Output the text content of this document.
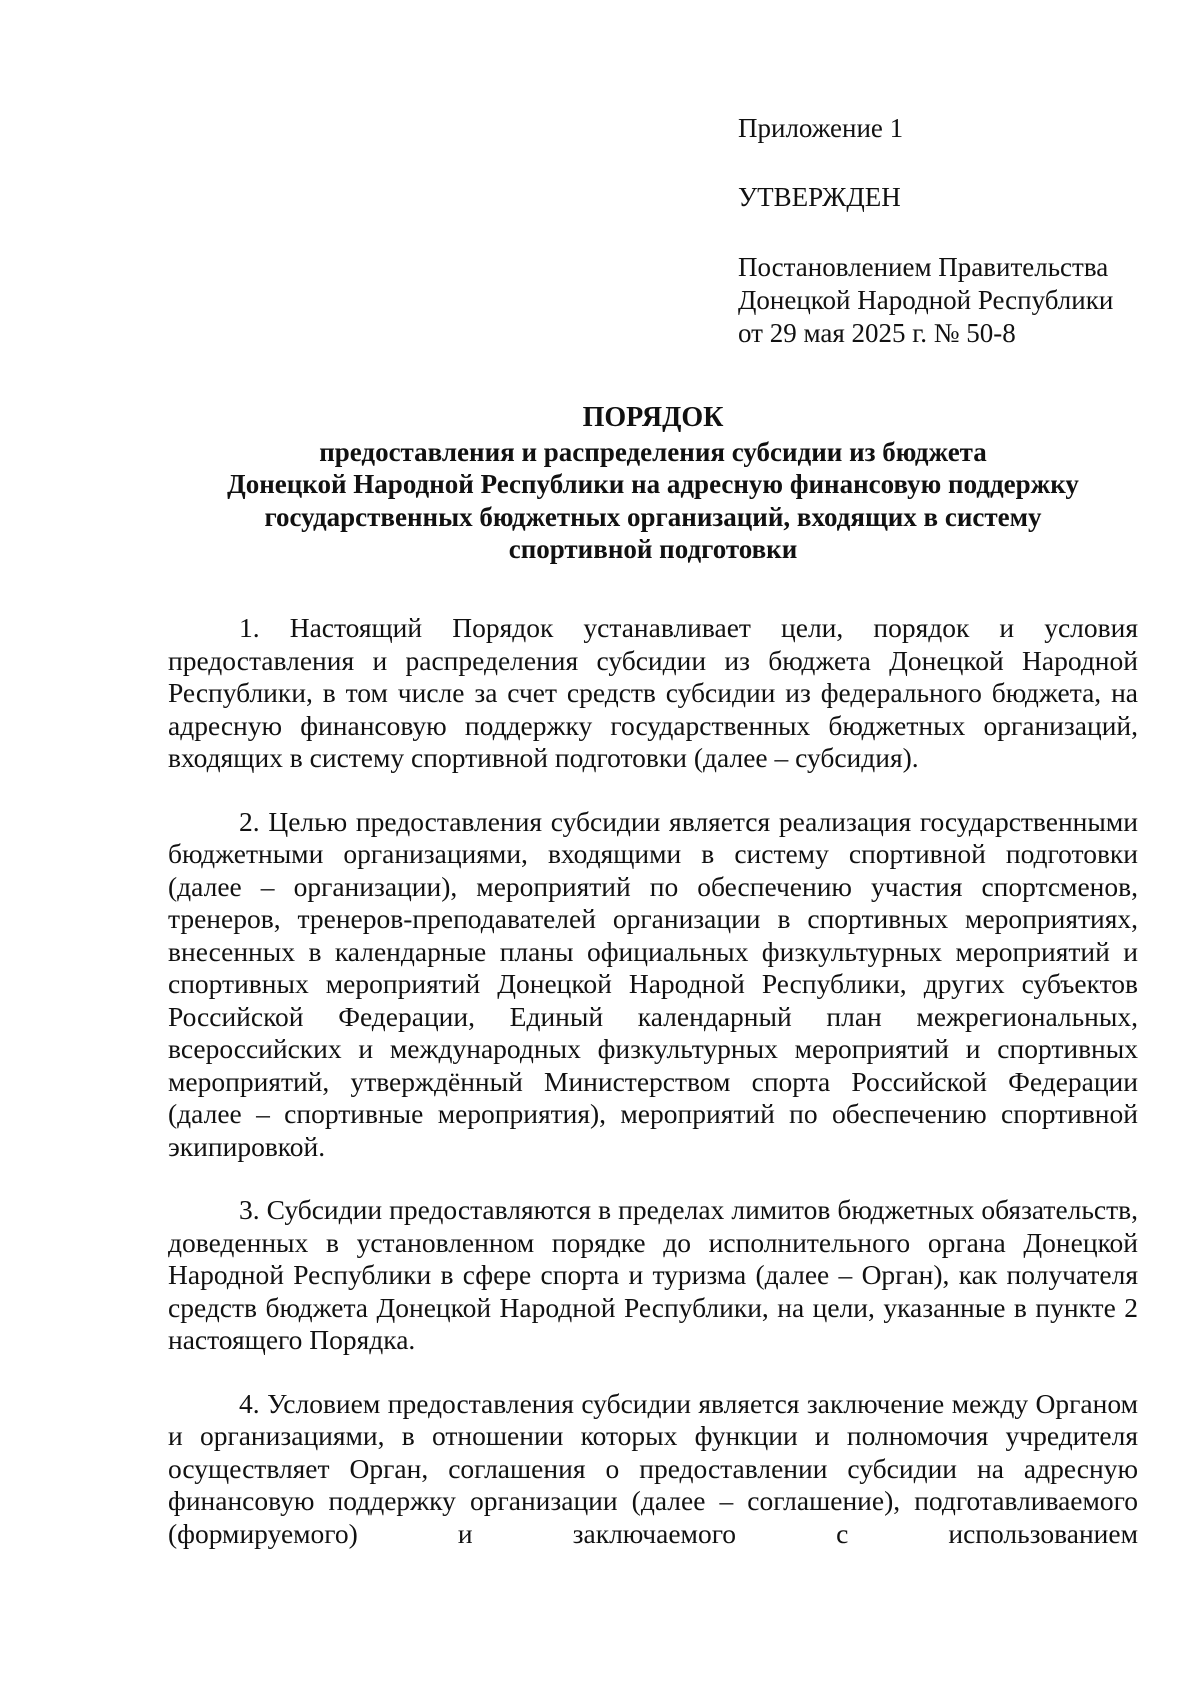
Приложение 1

УТВЕРЖДЕН

Постановлением Правительства

Донецкой Народной Республики

от 29 мая 2025 г. № 50-8

ПОРЯДОК

предоставления и распределения субсидии из бюджета

Донецкой Народной Республики на адресную финансовую поддержку

государственных бюджетных организаций, входящих в систему

спортивной подготовки

1. Настоящий Порядок устанавливает цели, порядок и условия предоставления и распределения субсидии из бюджета Донецкой Народной Республики, в том числе за счет средств субсидии из федерального бюджета, на адресную финансовую поддержку государственных бюджетных организаций, входящих в систему спортивной подготовки (далее – субсидия).

2. Целью предоставления субсидии является реализация государственными бюджетными организациями, входящими в систему спортивной подготовки (далее – организации), мероприятий по обеспечению участия спортсменов, тренеров, тренеров-преподавателей организации в спортивных мероприятиях, внесенных в календарные планы официальных физкультурных мероприятий и спортивных мероприятий Донецкой Народной Республики, других субъектов Российской Федерации, Единый календарный план межрегиональных, всероссийских и международных физкультурных мероприятий и спортивных мероприятий, утверждённый Министерством спорта Российской Федерации (далее – спортивные мероприятия), мероприятий по обеспечению спортивной экипировкой.

3. Субсидии предоставляются в пределах лимитов бюджетных обязательств, доведенных в установленном порядке до исполнительного органа Донецкой Народной Республики в сфере спорта и туризма (далее – Орган), как получателя средств бюджета Донецкой Народной Республики, на цели, указанные в пункте 2 настоящего Порядка.

4. Условием предоставления субсидии является заключение между Органом и организациями, в отношении которых функции и полномочия учредителя осуществляет Орган, соглашения о предоставлении субсидии на адресную финансовую поддержку организации (далее – соглашение), подготавливаемого (формируемого) и заключаемого с использованием
